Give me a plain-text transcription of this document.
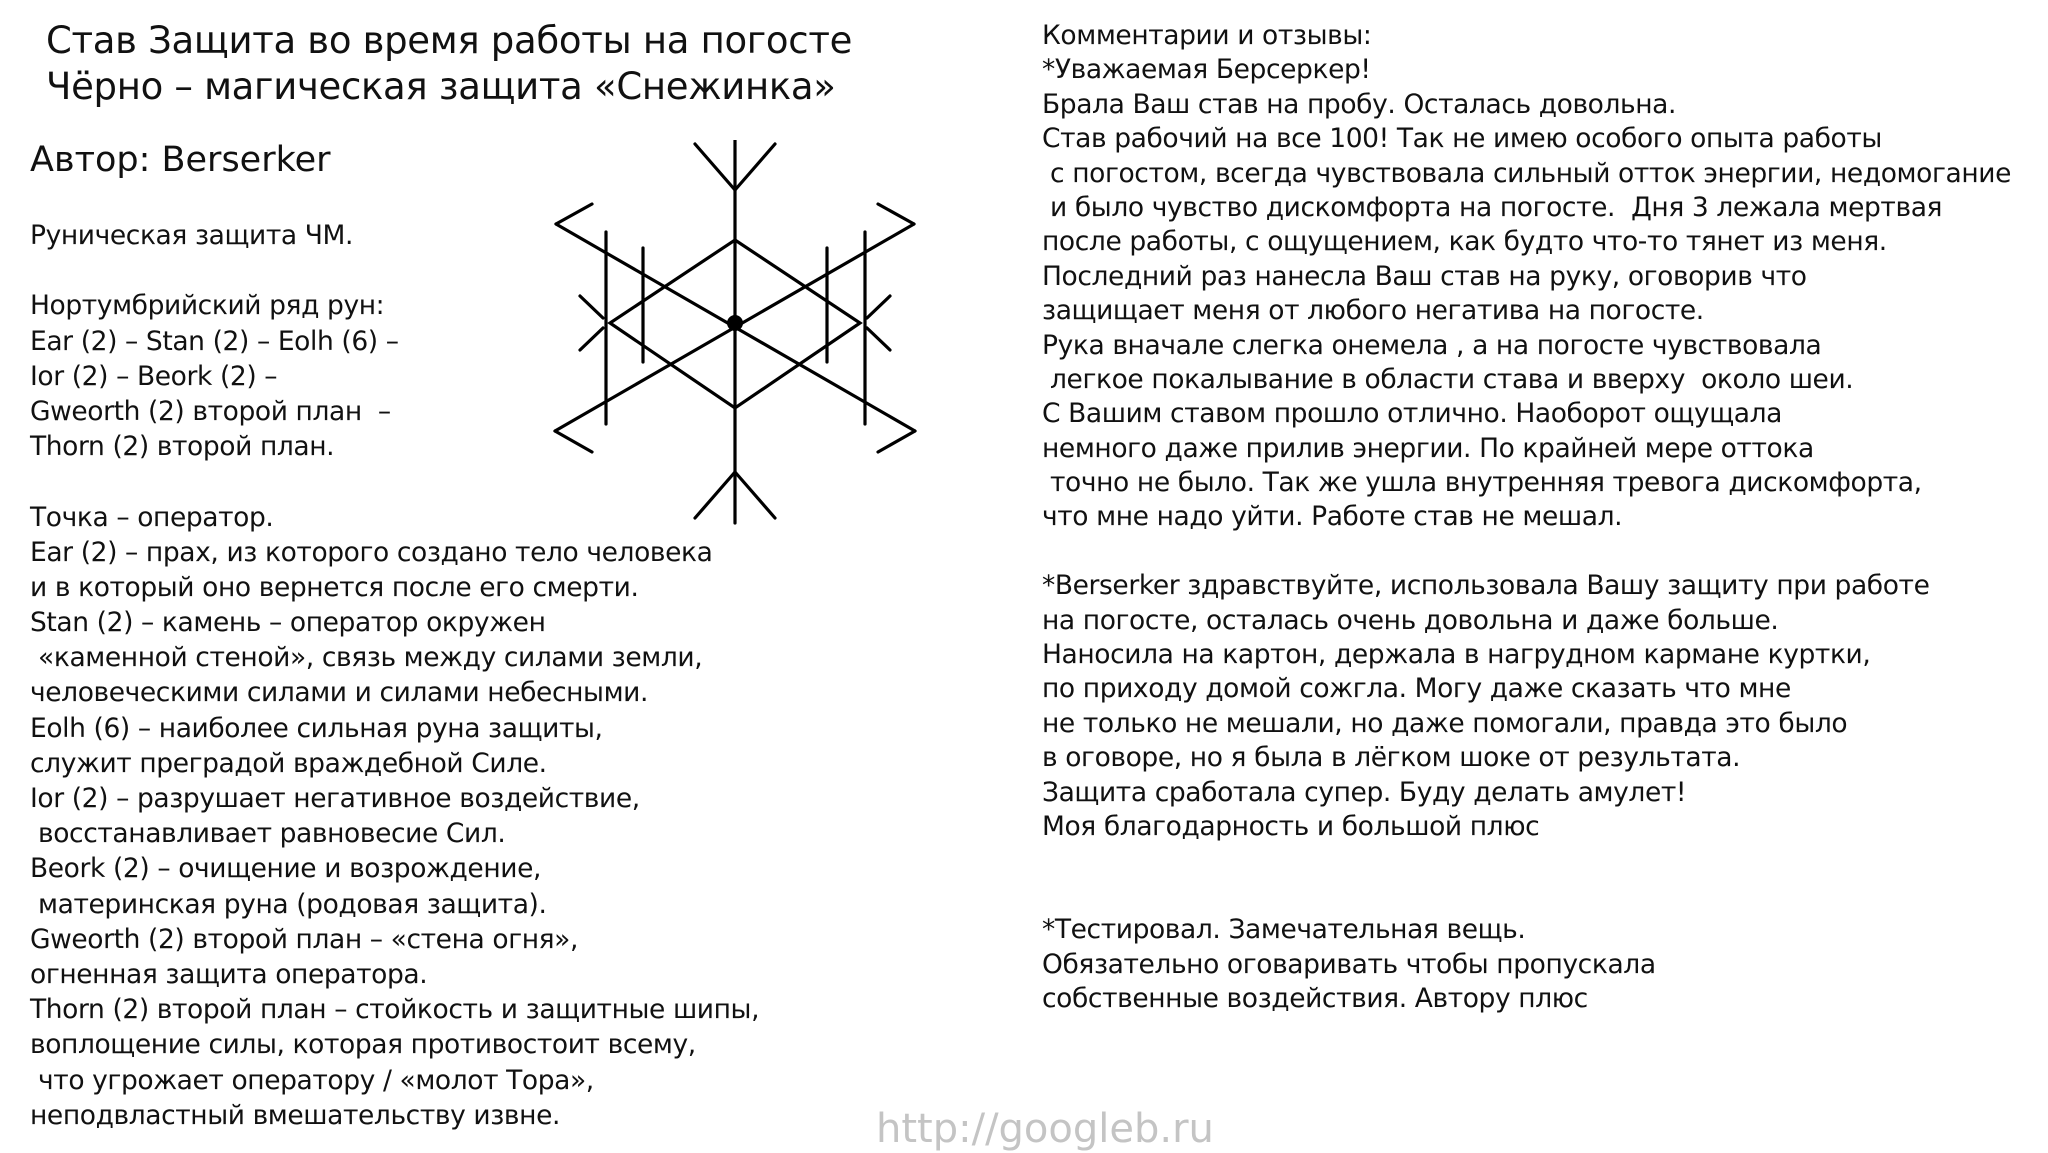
Став Защита во время работы на погосте
Чёрно – магическая защита «Снежинка»
Автор: Berserker
Руническая защита ЧМ.
Нортумбрийский ряд рун:
Ear (2) – Stan (2) – Eolh (6) –
Ior (2) – Beork (2) –
Gweorth (2) второй план  –
Thorn (2) второй план.
Точка – оператор.
Ear (2) – прах, из которого создано тело человека
и в который оно вернется после его смерти.
Stan (2) – камень – оператор окружен
«каменной стеной», связь между силами земли,
человеческими силами и силами небесными.
Eolh (6) – наиболее сильная руна защиты,
служит преградой враждебной Силе.
Ior (2) – разрушает негативное воздействие,
восстанавливает равновесие Сил.
Beork (2) – очищение и возрождение,
материнская руна (родовая защита).
Gweorth (2) второй план – «стена огня»,
огненная защита оператора.
Thorn (2) второй план – стойкость и защитные шипы,
воплощение силы, которая противостоит всему,
что угрожает оператору / «молот Тора»,
неподвластный вмешательству извне.
Комментарии и отзывы:
*Уважаемая Берсеркер!
Брала Ваш став на пробу. Осталась довольна.
Став рабочий на все 100! Так не имею особого опыта работы
с погостом, всегда чувствовала сильный отток энергии, недомогание
и было чувство дискомфорта на погосте.  Дня 3 лежала мертвая
после работы, с ощущением, как будто что-то тянет из меня.
Последний раз нанесла Ваш став на руку, оговорив что
защищает меня от любого негатива на погосте.
Рука вначале слегка онемела , а на погосте чувствовала
легкое покалывание в области става и вверху  около шеи.
С Вашим ставом прошло отлично. Наоборот ощущала
немного даже прилив энергии. По крайней мере оттока
точно не было. Так же ушла внутренняя тревога дискомфорта,
что мне надо уйти. Работе став не мешал.
*Berserker здравствуйте, использовала Вашу защиту при работе
на погосте, осталась очень довольна и даже больше.
Наносила на картон, держала в нагрудном кармане куртки,
по приходу домой сожгла. Могу даже сказать что мне
не только не мешали, но даже помогали, правда это было
в оговоре, но я была в лёгком шоке от результата.
Защита сработала супер. Буду делать амулет!
Моя благодарность и большой плюс
*Тестировал. Замечательная вещь.
Обязательно оговаривать чтобы пропускала
собственные воздействия. Автору плюс
http://googleb.ru
